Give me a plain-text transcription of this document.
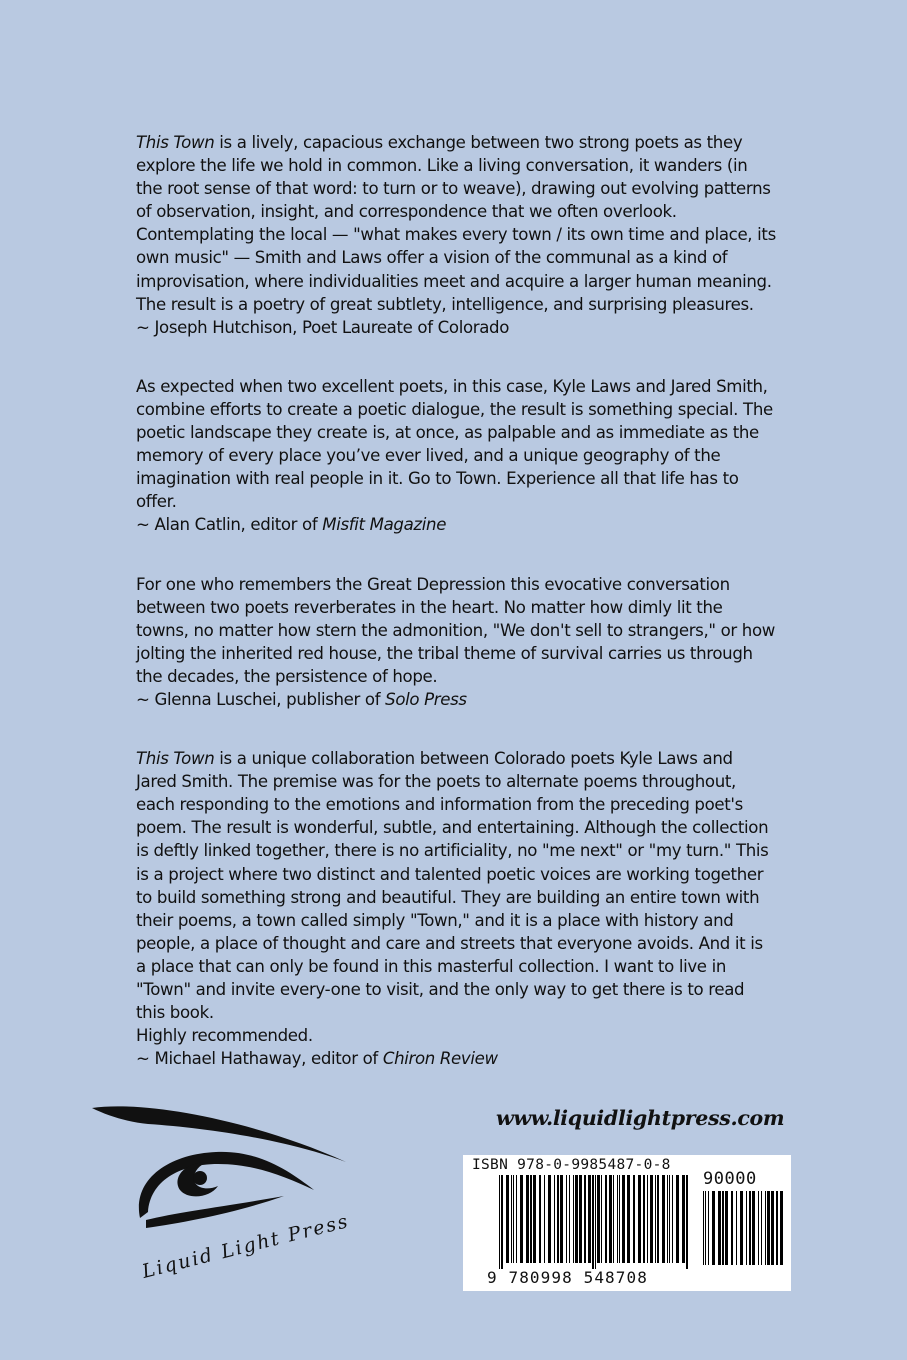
This Town is a lively, capacious exchange between two strong poets as they explore the life we hold in common. Like a living conversation, it wanders (in the root sense of that word: to turn or to weave), drawing out evolving patterns of observation, insight, and correspondence that we often overlook. Contemplating the local — "what makes every town / its own time and place, its own music" — Smith and Laws offer a vision of the communal as a kind of improvisation, where individualities meet and acquire a larger human meaning. The result is a poetry of great subtlety, intelligence, and surprising pleasures.

~ Joseph Hutchison, Poet Laureate of Colorado

As expected when two excellent poets, in this case, Kyle Laws and Jared Smith, combine efforts to create a poetic dialogue, the result is something special. The poetic landscape they create is, at once, as palpable and as immediate as the memory of every place you’ve ever lived, and a unique geography of the imagination with real people in it. Go to Town. Experience all that life has to offer.

~ Alan Catlin, editor of Misfit Magazine

For one who remembers the Great Depression this evocative conversation between two poets reverberates in the heart. No matter how dimly lit the towns, no matter how stern the admonition, "We don't sell to strangers," or how jolting the inherited red house, the tribal theme of survival carries us through the decades, the persistence of hope.

~ Glenna Luschei, publisher of Solo Press

This Town is a unique collaboration between Colorado poets Kyle Laws and Jared Smith. The premise was for the poets to alternate poems throughout, each responding to the emotions and information from the preceding poet's poem. The result is wonderful, subtle, and entertaining. Although the collection is deftly linked together, there is no artificiality, no "me next" or "my turn." This is a project where two distinct and talented poetic voices are working together to build something strong and beautiful. They are building an entire town with their poems, a town called simply "Town," and it is a place with history and people, a place of thought and care and streets that everyone avoids. And it is a place that can only be found in this masterful collection. I want to live in "Town" and invite every-one to visit, and the only way to get there is to read this book.

Highly recommended.

~ Michael Hathaway, editor of Chiron Review

Liquid Light Press
www.liquidlightpress.com
ISBN 978-0-9985487-0-8
90000
9 780998 548708
